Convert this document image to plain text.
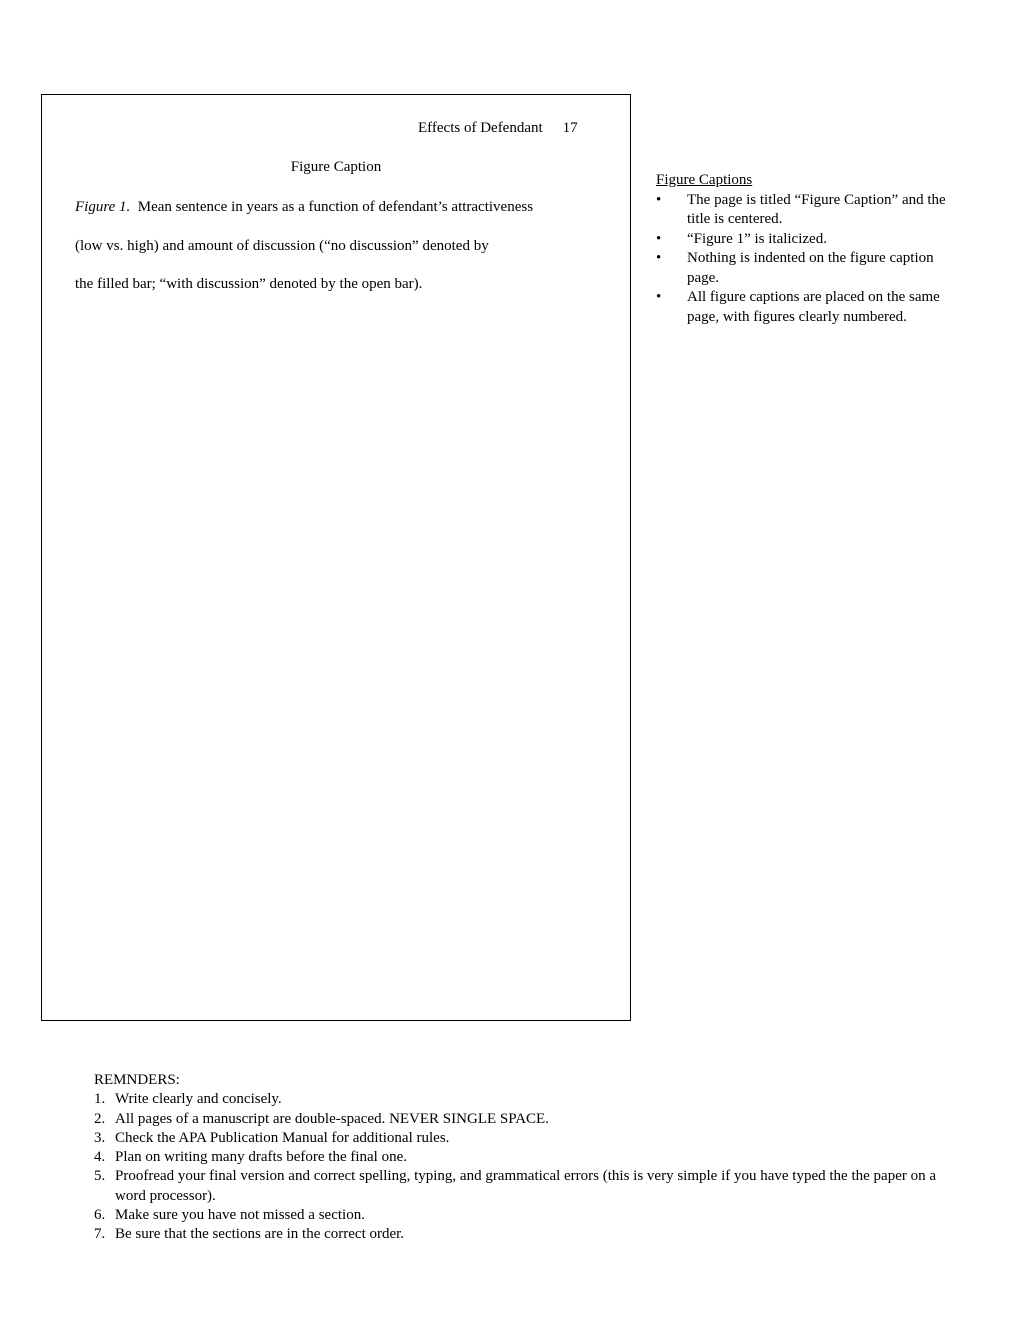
Effects of Defendant 17
Figure Caption
Figure 1. Mean sentence in years as a function of defendant’s attractiveness
(low vs. high) and amount of discussion (“no discussion” denoted by
the filled bar; “with discussion” denoted by the open bar).
Figure Captions
• The page is titled “Figure Caption” and the title is centered.
• “Figure 1” is italicized.
• Nothing is indented on the figure caption page.
• All figure captions are placed on the same page, with figures clearly numbered.
REMNDERS:
1. Write clearly and concisely.
2. All pages of a manuscript are double-spaced. NEVER SINGLE SPACE.
3. Check the APA Publication Manual for additional rules.
4. Plan on writing many drafts before the final one.
5. Proofread your final version and correct spelling, typing, and grammatical errors (this is very simple if you have typed the the paper on a word processor).
6. Make sure you have not missed a section.
7. Be sure that the sections are in the correct order.
